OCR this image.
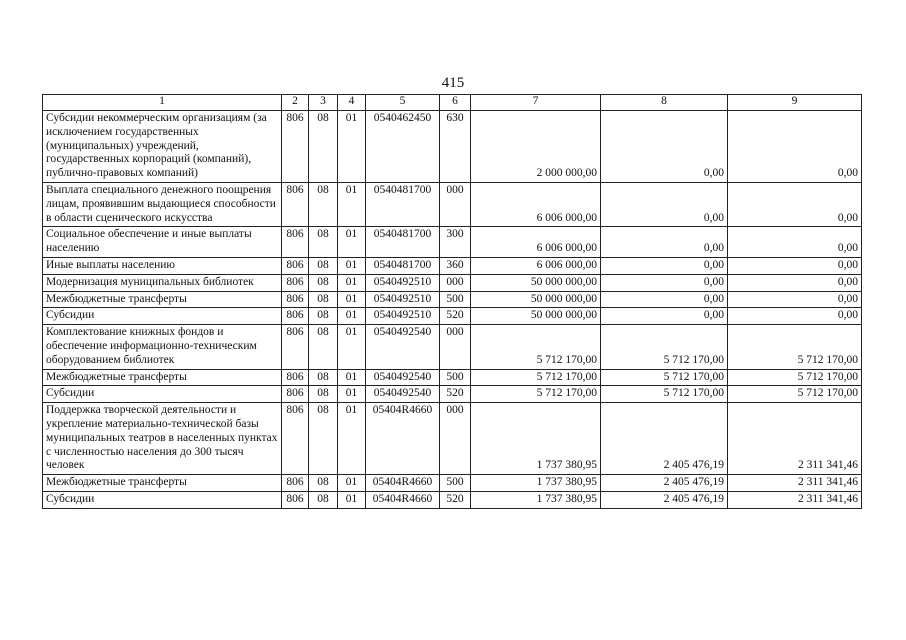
415
1	2	3	4	5	6	7	8	9
Субсидии некоммерческим организациям (за исключением государственных (муниципальных) учреждений, государственных корпораций (компаний), публично-правовых компаний)	806	08	01	0540462450	630	2 000 000,00	0,00	0,00
Выплата специального денежного поощрения лицам, проявившим выдающиеся способности в области сценического искусства	806	08	01	0540481700	000	6 006 000,00	0,00	0,00
Социальное обеспечение и иные выплаты населению	806	08	01	0540481700	300	6 006 000,00	0,00	0,00
Иные выплаты населению	806	08	01	0540481700	360	6 006 000,00	0,00	0,00
Модернизация муниципальных библиотек	806	08	01	0540492510	000	50 000 000,00	0,00	0,00
Межбюджетные трансферты	806	08	01	0540492510	500	50 000 000,00	0,00	0,00
Субсидии	806	08	01	0540492510	520	50 000 000,00	0,00	0,00
Комплектование книжных фондов и обеспечение информационно-техническим оборудованием библиотек	806	08	01	0540492540	000	5 712 170,00	5 712 170,00	5 712 170,00
Межбюджетные трансферты	806	08	01	0540492540	500	5 712 170,00	5 712 170,00	5 712 170,00
Субсидии	806	08	01	0540492540	520	5 712 170,00	5 712 170,00	5 712 170,00
Поддержка творческой деятельности и укрепление материально-технической базы муниципальных театров в населенных пунктах с численностью населения до 300 тысяч человек	806	08	01	05404R4660	000	1 737 380,95	2 405 476,19	2 311 341,46
Межбюджетные трансферты	806	08	01	05404R4660	500	1 737 380,95	2 405 476,19	2 311 341,46
Субсидии	806	08	01	05404R4660	520	1 737 380,95	2 405 476,19	2 311 341,46
